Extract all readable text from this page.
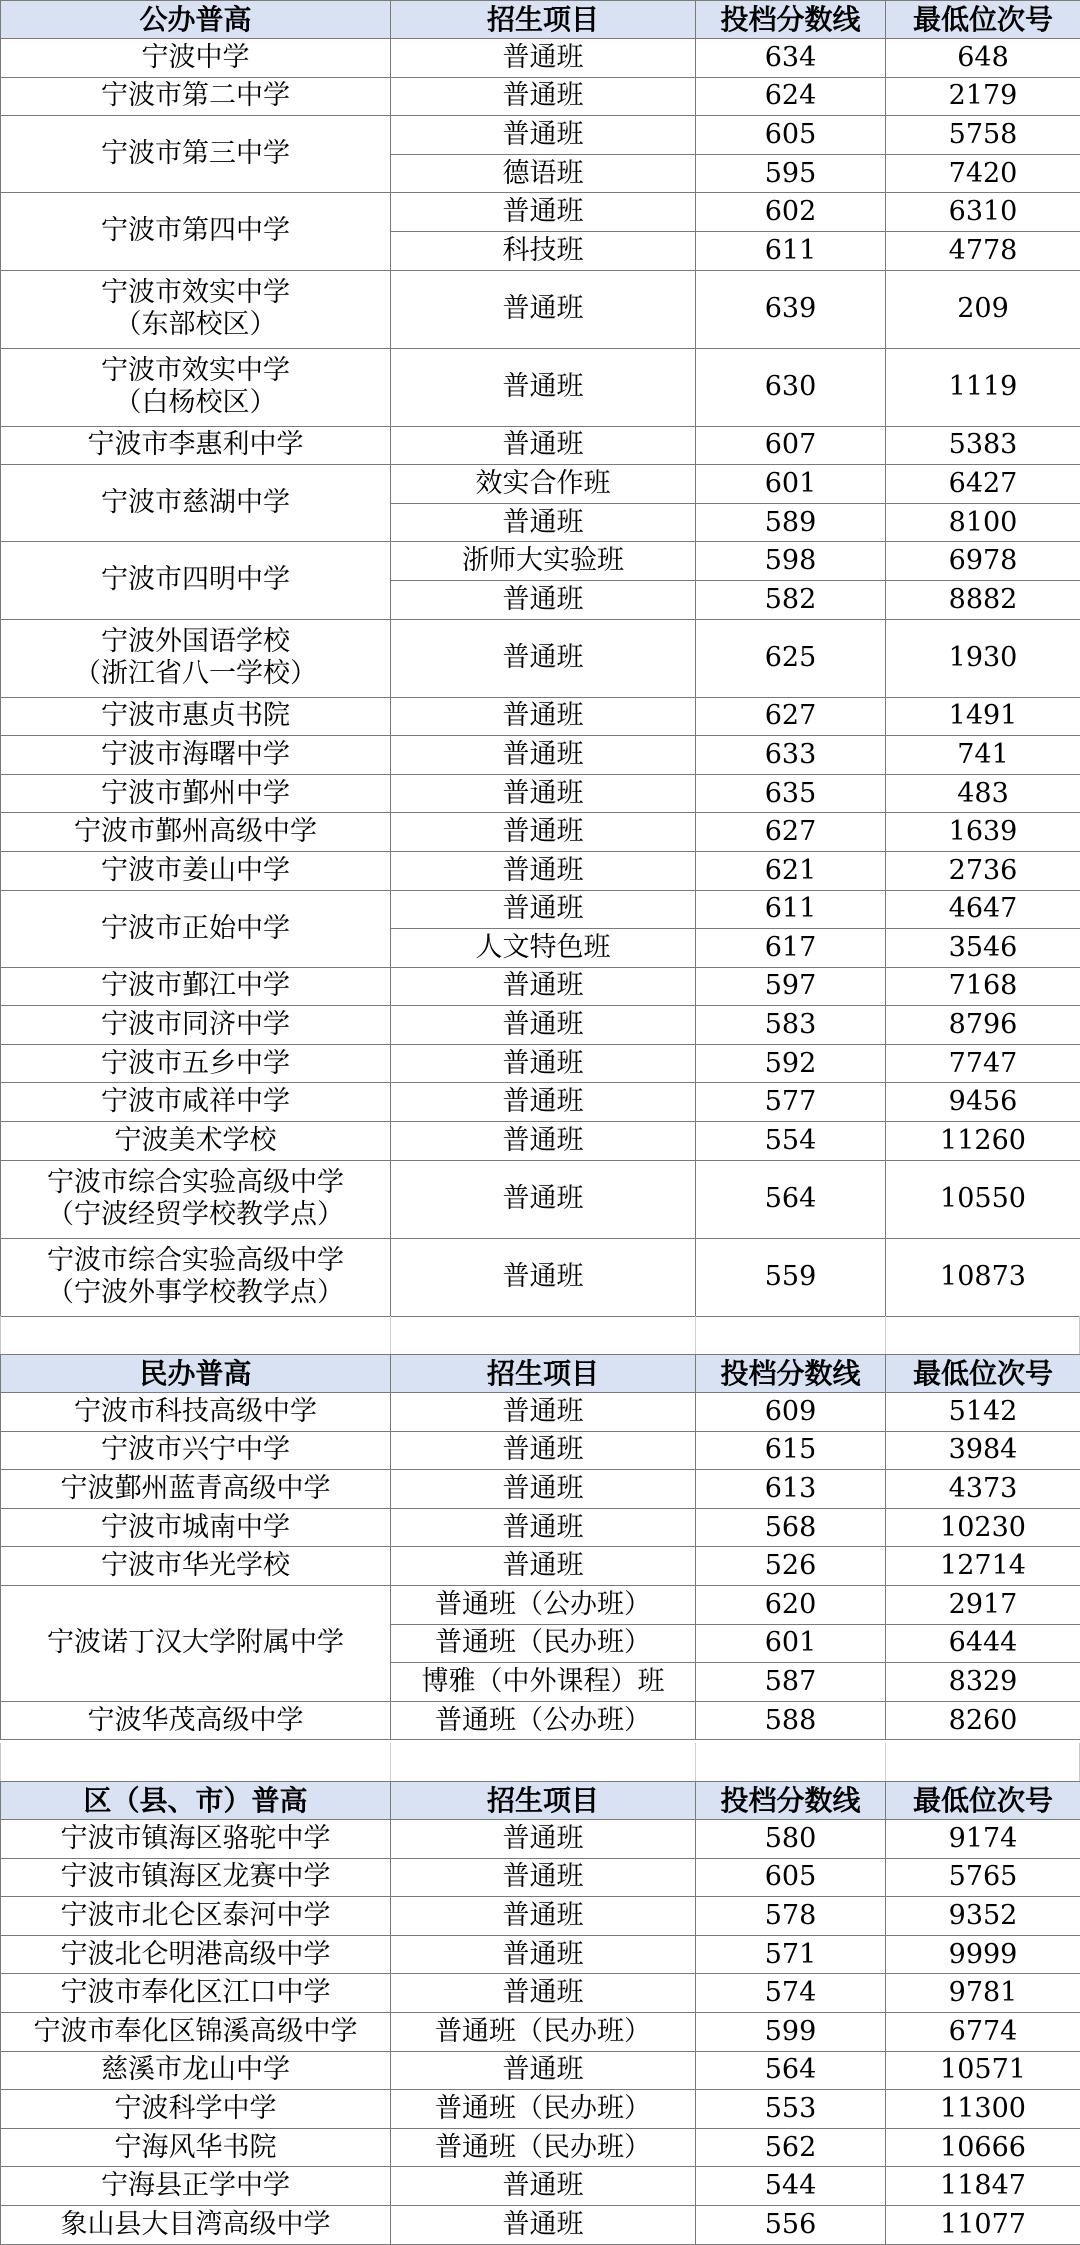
公办普高	招生项目	投档分数线	最低位次号
宁波中学	普通班	634	648
宁波市第二中学	普通班	624	2179
宁波市第三中学	普通班	605	5758
	德语班	595	7420
宁波市第四中学	普通班	602	6310
	科技班	611	4778
宁波市效实中学
（东部校区）	普通班	639	209
宁波市效实中学
（白杨校区）	普通班	630	1119
宁波市李惠利中学	普通班	607	5383
宁波市慈湖中学	效实合作班	601	6427
	普通班	589	8100
宁波市四明中学	浙师大实验班	598	6978
	普通班	582	8882
宁波外国语学校
（浙江省八一学校）	普通班	625	1930
宁波市惠贞书院	普通班	627	1491
宁波市海曙中学	普通班	633	741
宁波市鄞州中学	普通班	635	483
宁波市鄞州高级中学	普通班	627	1639
宁波市姜山中学	普通班	621	2736
宁波市正始中学	普通班	611	4647
	人文特色班	617	3546
宁波市鄞江中学	普通班	597	7168
宁波市同济中学	普通班	583	8796
宁波市五乡中学	普通班	592	7747
宁波市咸祥中学	普通班	577	9456
宁波美术学校	普通班	554	11260
宁波市综合实验高级中学
（宁波经贸学校教学点）	普通班	564	10550
宁波市综合实验高级中学
（宁波外事学校教学点）	普通班	559	10873
民办普高	招生项目	投档分数线	最低位次号
宁波市科技高级中学	普通班	609	5142
宁波市兴宁中学	普通班	615	3984
宁波鄞州蓝青高级中学	普通班	613	4373
宁波市城南中学	普通班	568	10230
宁波市华光学校	普通班	526	12714
宁波诺丁汉大学附属中学	普通班（公办班）	620	2917
	普通班（民办班）	601	6444
	博雅（中外课程）班	587	8329
宁波华茂高级中学	普通班（公办班）	588	8260
区（县、市）普高	招生项目	投档分数线	最低位次号
宁波市镇海区骆驼中学	普通班	580	9174
宁波市镇海区龙赛中学	普通班	605	5765
宁波市北仑区泰河中学	普通班	578	9352
宁波北仑明港高级中学	普通班	571	9999
宁波市奉化区江口中学	普通班	574	9781
宁波市奉化区锦溪高级中学	普通班（民办班）	599	6774
慈溪市龙山中学	普通班	564	10571
宁波科学中学	普通班（民办班）	553	11300
宁海风华书院	普通班（民办班）	562	10666
宁海县正学中学	普通班	544	11847
象山县大目湾高级中学	普通班	556	11077
